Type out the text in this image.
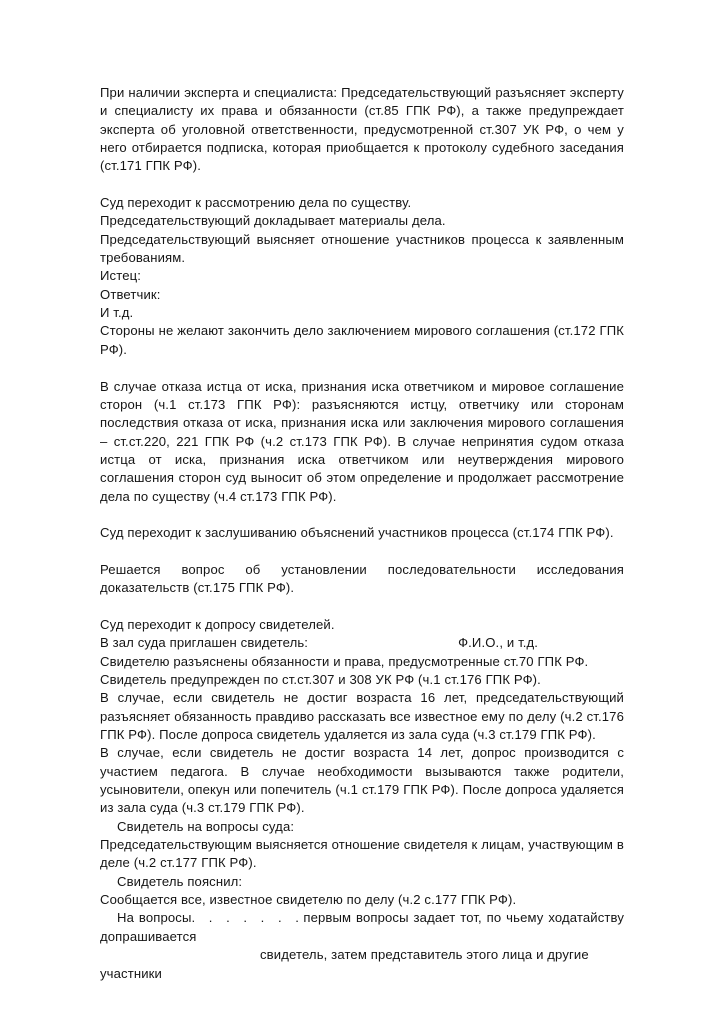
При наличии эксперта и специалиста: Председательствующий разъясняет эксперту и специалисту их права и обязанности (ст.85 ГПК РФ), а также предупреждает эксперта об уголовной ответственности, предусмотренной ст.307 УК РФ, о чем у него отбирается подписка, которая приобщается к протоколу судебного заседания (ст.171 ГПК РФ).

Суд переходит к рассмотрению дела по существу.

Председательствующий докладывает материалы дела.

Председательствующий выясняет отношение участников процесса к заявленным требованиям.

Истец:

Ответчик:

И т.д.

Стороны не желают закончить дело заключением мирового соглашения (ст.172 ГПК РФ).

В случае отказа истца от иска, признания иска ответчиком и мировое соглашение сторон (ч.1 ст.173 ГПК РФ): разъясняются истцу, ответчику или сторонам последствия отказа от иска, признания иска или заключения мирового соглашения – ст.ст.220, 221 ГПК РФ (ч.2 ст.173 ГПК РФ). В случае непринятия судом отказа истца от иска, признания иска ответчиком или неутверждения мирового соглашения сторон суд выносит об этом определение и продолжает рассмотрение дела по существу (ч.4 ст.173 ГПК РФ).

Суд переходит к заслушиванию объяснений участников процесса (ст.174 ГПК РФ).

Решается вопрос об установлении последовательности исследования доказательств (ст.175 ГПК РФ).

Суд переходит к допросу свидетелей.

В зал суда приглашен свидетель:	Ф.И.О., и т.д.

Свидетелю разъяснены обязанности и права, предусмотренные ст.70 ГПК РФ.

Свидетель предупрежден по ст.ст.307 и 308 УК РФ (ч.1 ст.176 ГПК РФ).

В случае, если свидетель не достиг возраста 16 лет, председательствующий разъясняет обязанность правдиво рассказать все известное ему по делу (ч.2 ст.176 ГПК РФ). После допроса свидетель удаляется из зала суда (ч.3 ст.179 ГПК РФ).

В случае, если свидетель не достиг возраста 14 лет, допрос производится с участием педагога. В случае необходимости вызываются также родители, усыновители, опекун или попечитель (ч.1 ст.179 ГПК РФ). После допроса удаляется из зала суда (ч.3 ст.179 ГПК РФ).

Свидетель на вопросы суда:

Председательствующим выясняется отношение свидетеля к лицам, участвующим в деле (ч.2 ст.177 ГПК РФ).

Свидетель пояснил:

Сообщается все, известное свидетелю по делу (ч.2 с.177 ГПК РФ).

На вопросы. . . . . . .первым вопросы задает тот, по чьему ходатайству допрашивается

свидетель, затем представитель этого лица и другие

участники
